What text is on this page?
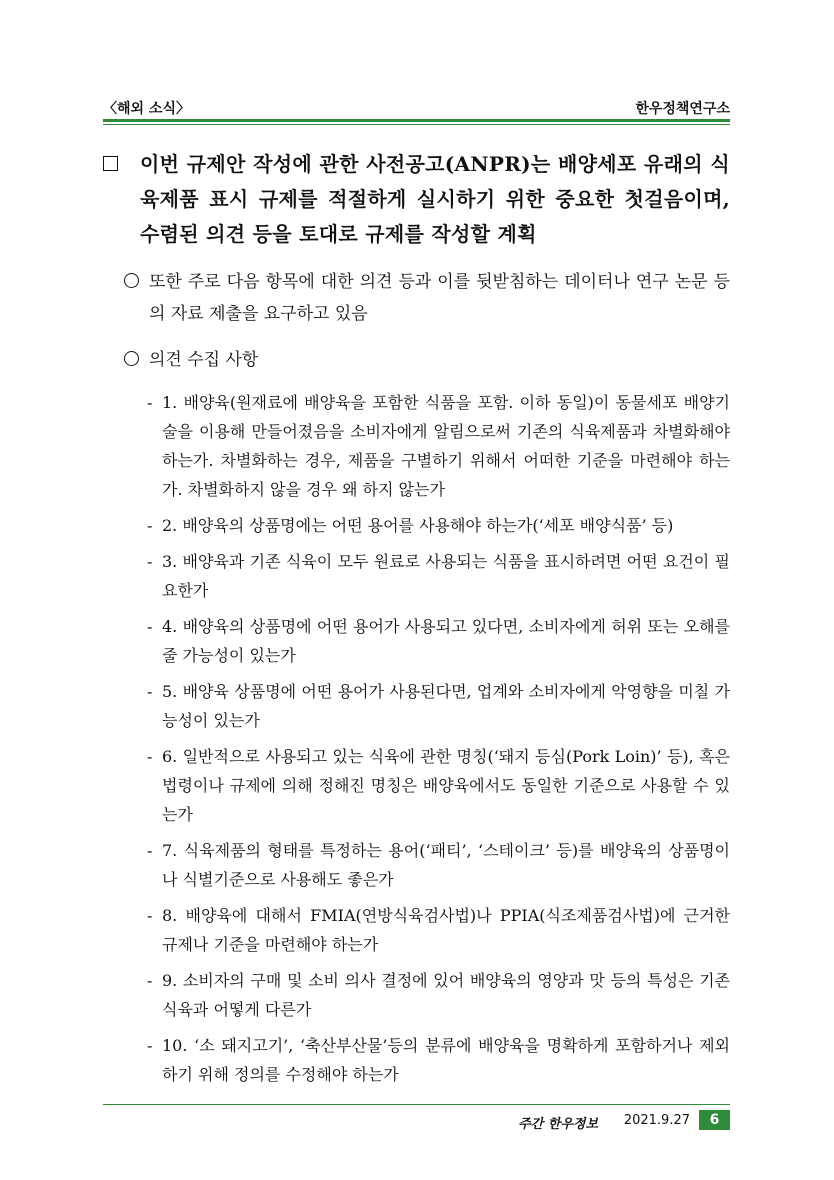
〈해외 소식〉	한우정책연구소
이번 규제안 작성에 관한 사전공고(ANPR)는 배양세포 유래의 식육제품 표시 규제를 적절하게 실시하기 위한 중요한 첫걸음이며, 수렴된 의견 등을 토대로 규제를 작성할 계획
또한 주로 다음 항목에 대한 의견 등과 이를 뒷받침하는 데이터나 연구 논문 등의 자료 제출을 요구하고 있음
의견 수집 사항
- 1. 배양육(원재료에 배양육을 포함한 식품을 포함. 이하 동일)이 동물세포 배양기술을 이용해 만들어졌음을 소비자에게 알림으로써 기존의 식육제품과 차별화해야 하는가. 차별화하는 경우, 제품을 구별하기 위해서 어떠한 기준을 마련해야 하는가. 차별화하지 않을 경우 왜 하지 않는가
- 2. 배양육의 상품명에는 어떤 용어를 사용해야 하는가(‘세포 배양식품’ 등)
- 3. 배양육과 기존 식육이 모두 원료로 사용되는 식품을 표시하려면 어떤 요건이 필요한가
- 4. 배양육의 상품명에 어떤 용어가 사용되고 있다면, 소비자에게 허위 또는 오해를 줄 가능성이 있는가
- 5. 배양육 상품명에 어떤 용어가 사용된다면, 업계와 소비자에게 악영향을 미칠 가능성이 있는가
- 6. 일반적으로 사용되고 있는 식육에 관한 명칭(‘돼지 등심(Pork Loin)’ 등), 혹은 법령이나 규제에 의해 정해진 명칭은 배양육에서도 동일한 기준으로 사용할 수 있는가
- 7. 식육제품의 형태를 특정하는 용어(‘패티’, ‘스테이크’ 등)를 배양육의 상품명이나 식별기준으로 사용해도 좋은가
- 8. 배양육에 대해서 FMIA(연방식육검사법)나 PPIA(식조제품검사법)에 근거한 규제나 기준을 마련해야 하는가
- 9. 소비자의 구매 및 소비 의사 결정에 있어 배양육의 영양과 맛 등의 특성은 기존 식육과 어떻게 다른가
- 10. ‘소 돼지고기’, ‘축산부산물’등의 분류에 배양육을 명확하게 포함하거나 제외하기 위해 정의를 수정해야 하는가
주간 한우정보 2021.9.27	6
